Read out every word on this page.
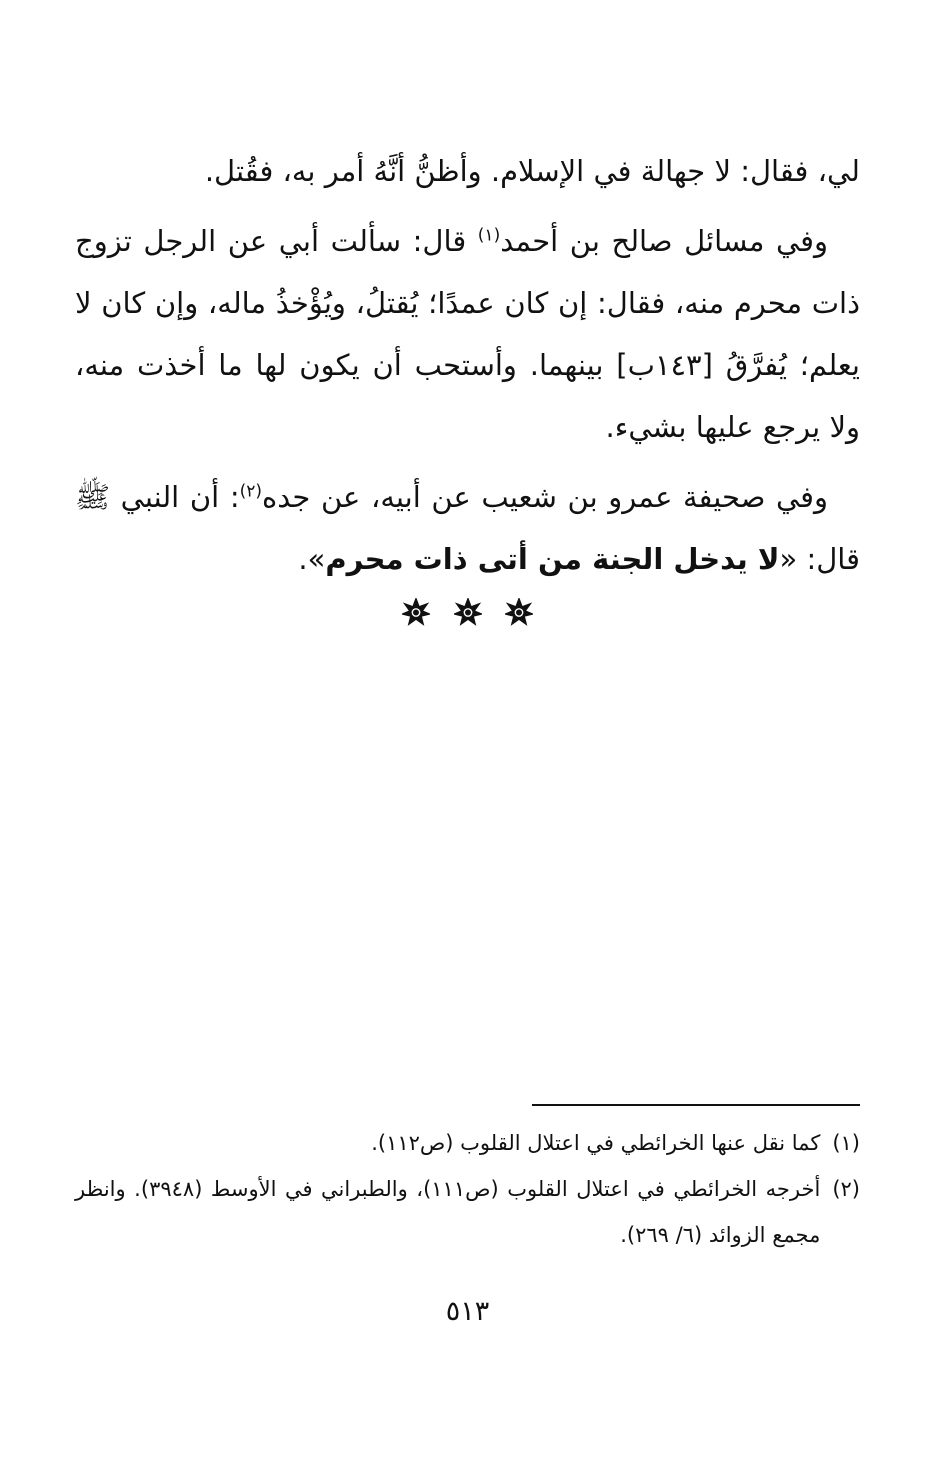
لي، فقال: لا جهالة في الإسلام. وأظنُّ أنَّهُ أمر به، فقُتل.

وفي مسائل صالح بن أحمد$^{(١)}$ قال: سألت أبي عن الرجل تزوج ذات محرم منه، فقال: إن كان عمدًا؛ يُقتلُ، ويُؤْخذُ ماله، وإن كان لا يعلم؛ يُفرَّقُ [١٤٣ب] بينهما. وأستحب أن يكون لها ما أخذت منه، ولا يرجع عليها بشيء.

وفي صحيفة عمرو بن شعيب عن أبيه، عن جده$^{(٢)}$: أن النبي ﷺ قال: «لا يدخل الجنة من أتى ذات محرم».

(١)
كما نقل عنها الخرائطي في اعتلال القلوب (ص١١٢).
(٢)
أخرجه الخرائطي في اعتلال القلوب (ص١١١)، والطبراني في الأوسط (٣٩٤٨). وانظر مجمع الزوائد (٦/ ٢٦٩).
٥١٣
